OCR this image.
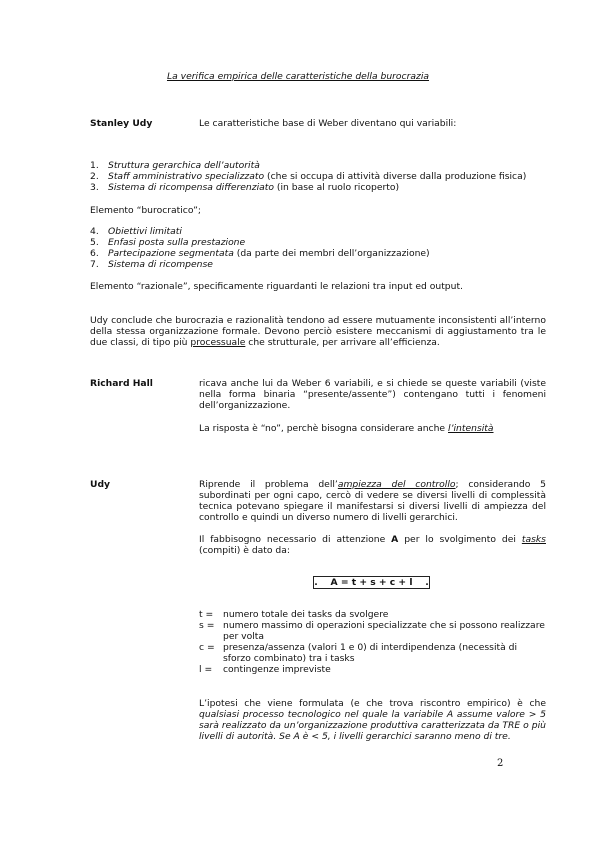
La verifica empirica delle caratteristiche della burocrazia
Stanley Udy	Le caratteristiche base di Weber diventano qui variabili:
1. Struttura gerarchica dell’autorità
2. Staff amministrativo specializzato (che si occupa di attività diverse dalla produzione fisica)
3. Sistema di ricompensa differenziato (in base al ruolo ricoperto)
Elemento “burocratico”;
4. Obiettivi limitati
5. Enfasi posta sulla prestazione
6. Partecipazione segmentata (da parte dei membri dell’organizzazione)
7. Sistema di ricompense
Elemento “razionale”, specificamente riguardanti le relazioni tra input ed output.
Udy conclude che burocrazia e razionalità tendono ad essere mutuamente inconsistenti all’interno della stessa organizzazione formale. Devono perciò esistere meccanismi di aggiustamento tra le due classi, di tipo più processuale che strutturale, per arrivare all’efficienza.
Richard Hall	ricava anche lui da Weber 6 variabili, e si chiede se queste variabili (viste nella forma binaria “presente/assente”) contengano tutti i fenomeni dell’organizzazione.
La risposta è “no”, perchè bisogna considerare anche l’intensità
Udy	Riprende il problema dell’ampiezza del controllo; considerando 5 subordinati per ogni capo, cercò di vedere se diversi livelli di complessità tecnica potevano spiegare il manifestarsi si diversi livelli di ampiezza del controllo e quindi un diverso numero di livelli gerarchici.
Il fabbisogno necessario di attenzione A per lo svolgimento dei tasks (compiti) è dato da:
.    A = t + s + c + l    .
t = numero totale dei tasks da svolgere
s = numero massimo di operazioni specializzate che si possono realizzare per volta
c = presenza/assenza (valori 1 e 0) di interdipendenza (necessità di sforzo combinato) tra i tasks
l = contingenze impreviste
L’ipotesi che viene formulata (e che trova riscontro empirico) è che qualsiasi processo tecnologico nel quale la variabile A assume valore > 5 sarà realizzato da un’organizzazione produttiva caratterizzata da TRE o più livelli di autorità. Se A è < 5, i livelli gerarchici saranno meno di tre.
2
